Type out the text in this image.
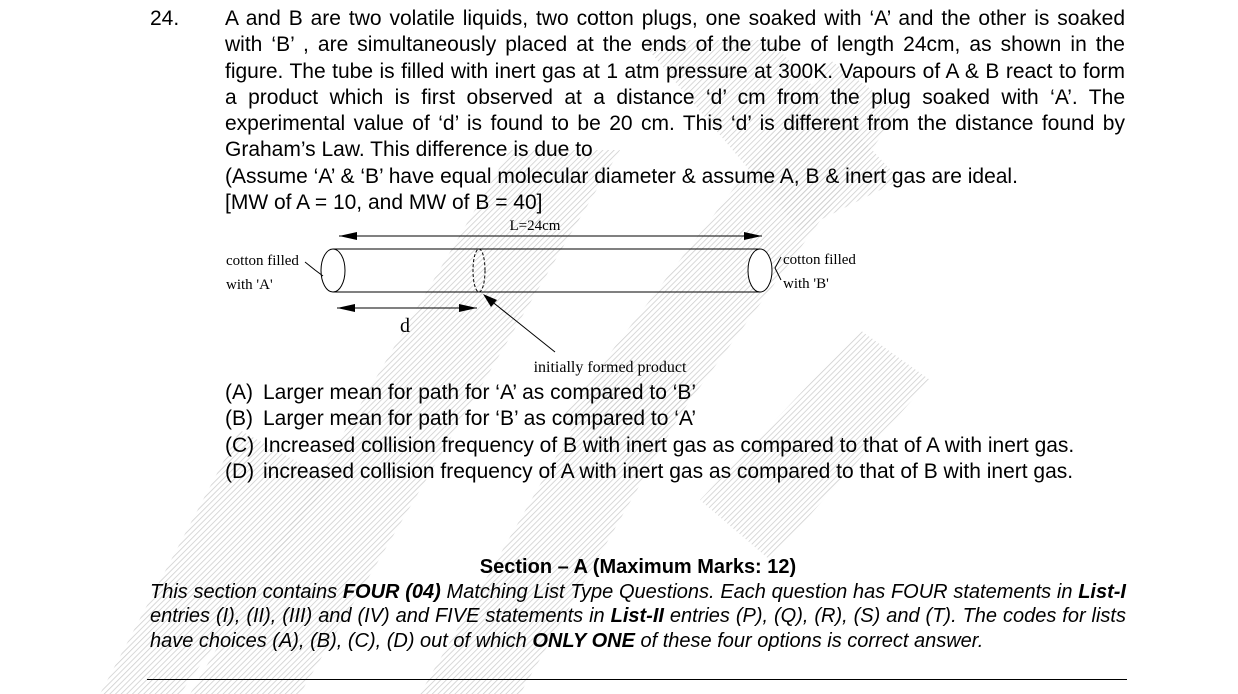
24. A and B are two volatile liquids, two cotton plugs, one soaked with ‘A’ and the other is soaked with ‘B’ , are simultaneously placed at the ends of the tube of length 24cm, as shown in the figure. The tube is filled with inert gas at 1 atm pressure at 300K. Vapours of A & B react to form a product which is first observed at a distance ‘d’ cm from the plug soaked with ‘A’. The experimental value of ‘d’ is found to be 20 cm. This ‘d’ is different from the distance found by Graham’s Law. This difference is due to

(Assume ‘A’ & ‘B’ have equal molecular diameter & assume A, B & inert gas are ideal.

[MW of A = 10, and MW of B = 40]

L=24cm
cotton filled
with 'A'
cotton filled
with 'B'
d
initially formed product
(A) Larger mean for path for ‘A’ as compared to ‘B’
(B) Larger mean for path for ‘B’ as compared to ‘A’
(C) Increased collision frequency of B with inert gas as compared to that of A with inert gas.
(D) increased collision frequency of A with inert gas as compared to that of B with inert gas.
Section – A (Maximum Marks: 12)
This section contains FOUR (04) Matching List Type Questions. Each question has FOUR statements in List-I entries (I), (II), (III) and (IV) and FIVE statements in List-II entries (P), (Q), (R), (S) and (T). The codes for lists have choices (A), (B), (C), (D) out of which ONLY ONE of these four options is correct answer.
